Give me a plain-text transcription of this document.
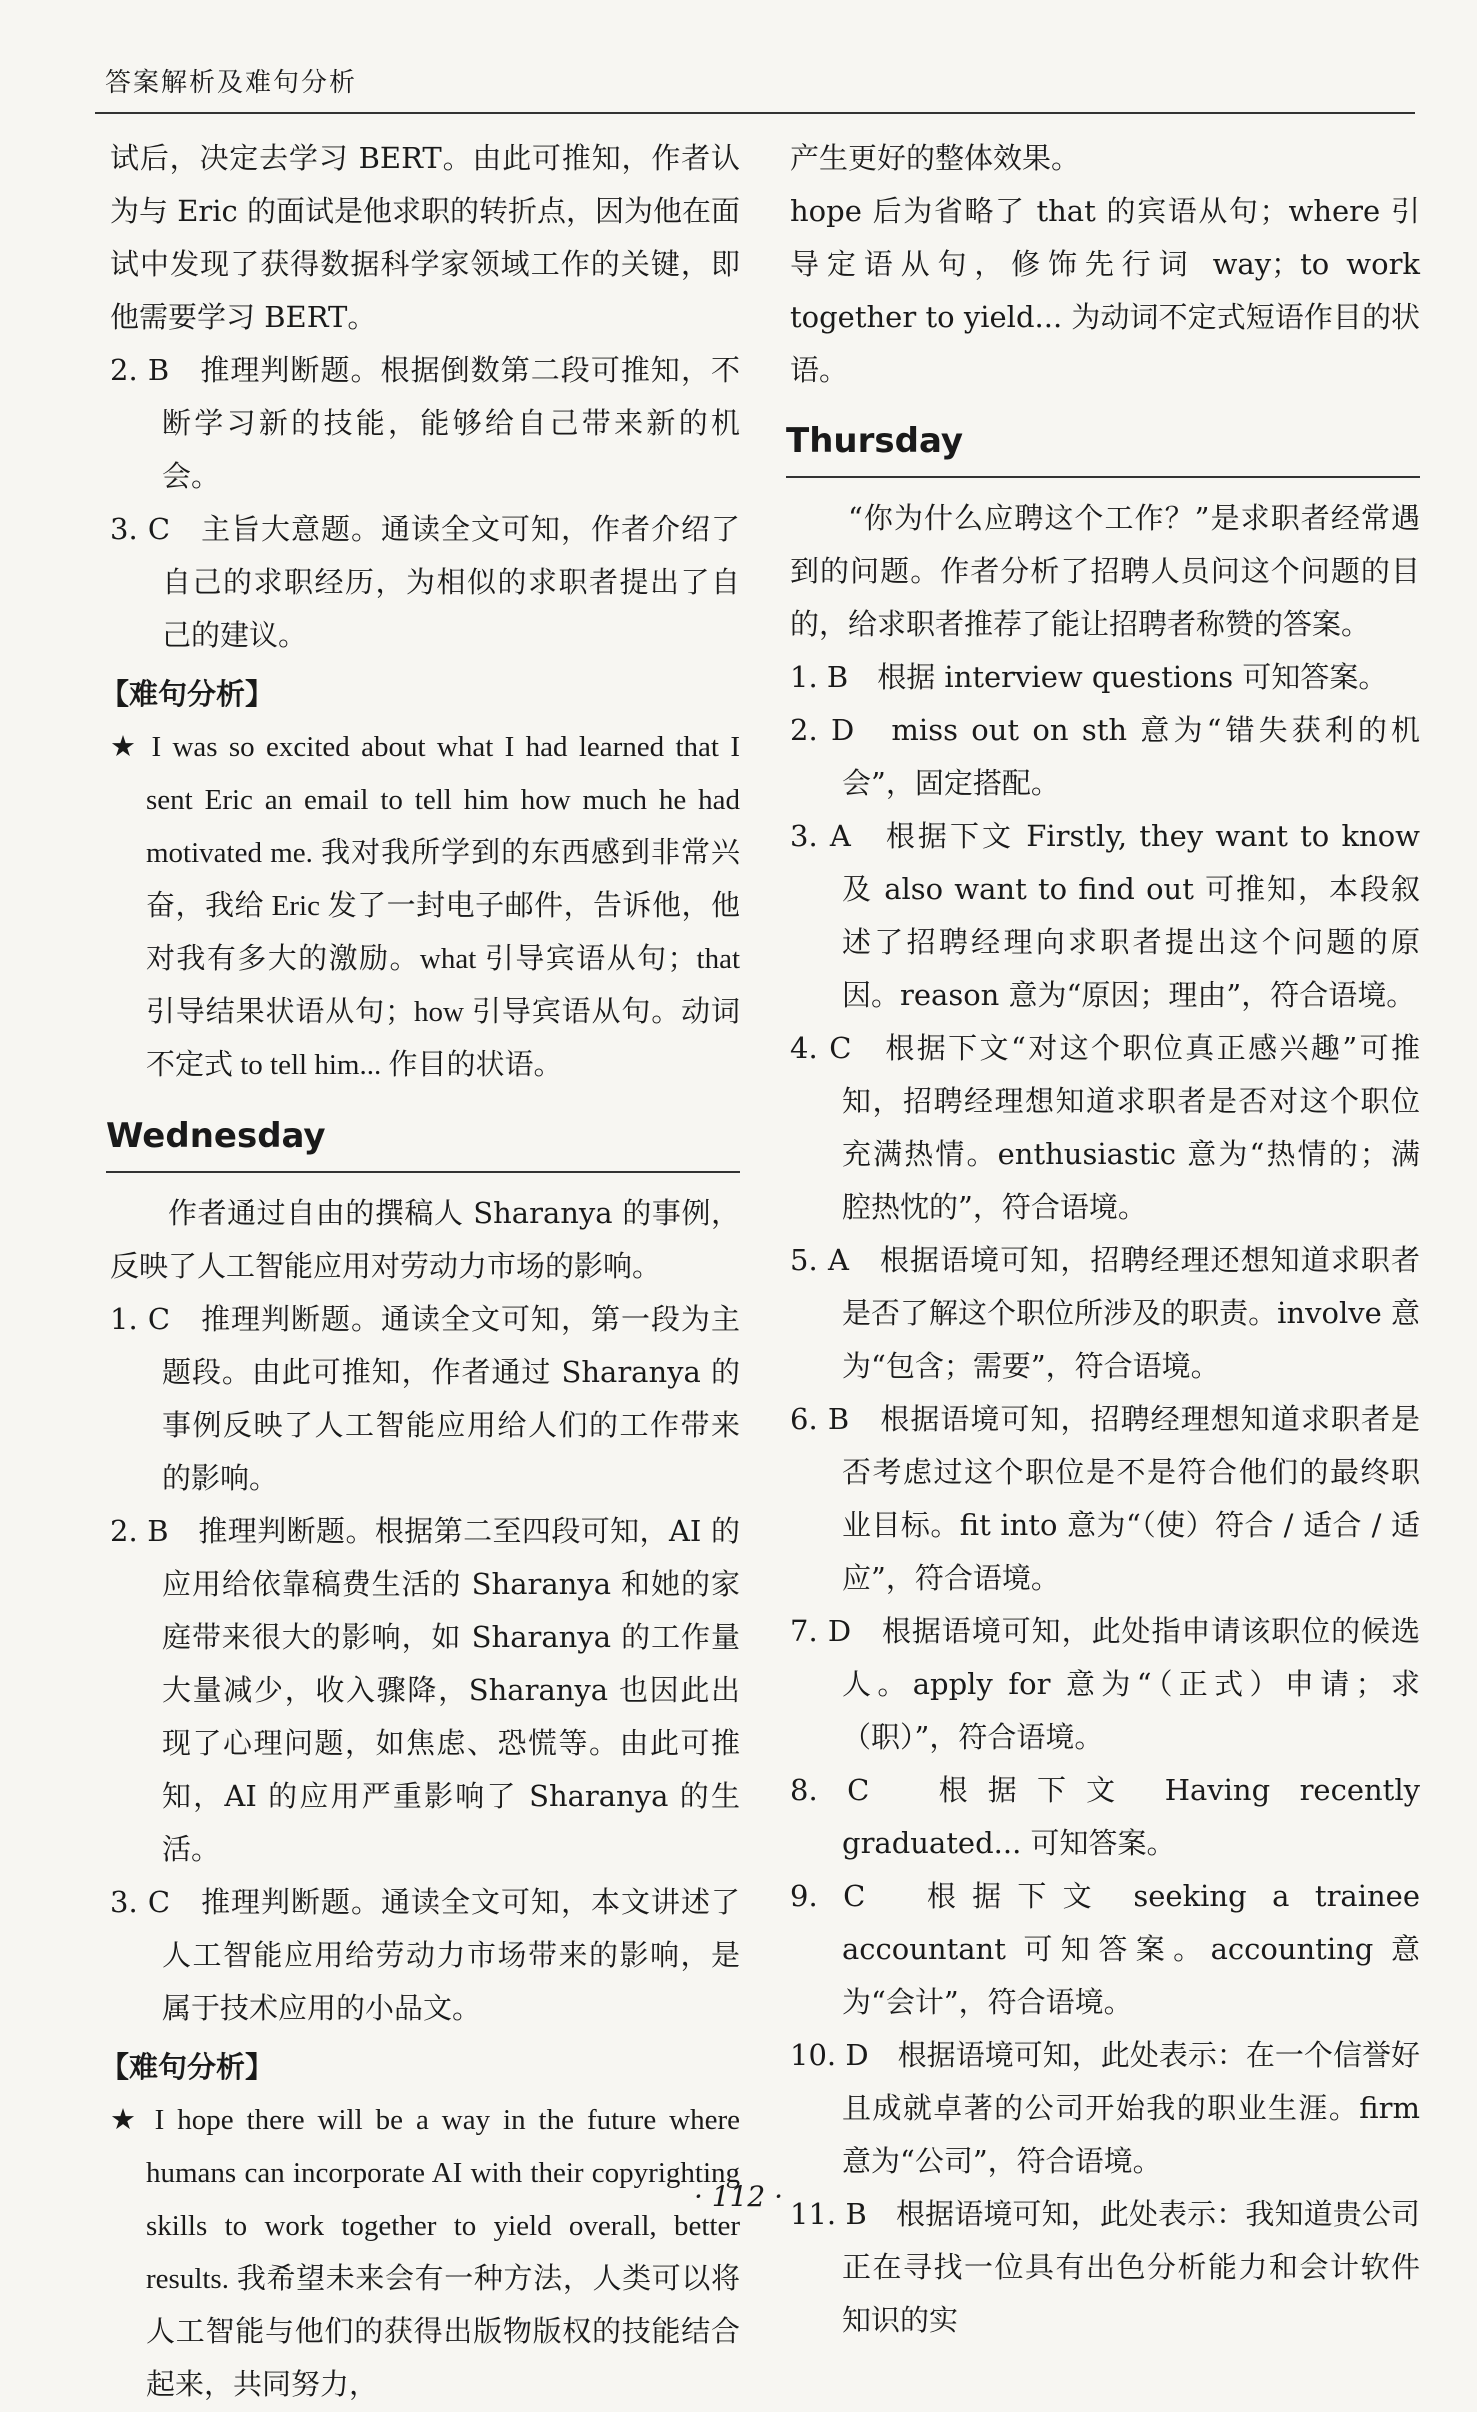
答案解析及难句分析

试后，决定去学习 BERT。由此可推知，作者认为与 Eric 的面试是他求职的转折点，因为他在面试中发现了获得数据科学家领域工作的关键，即他需要学习 BERT。

2. B　推理判断题。根据倒数第二段可推知，不断学习新的技能，能够给自己带来新的机会。

3. C　主旨大意题。通读全文可知，作者介绍了自己的求职经历，为相似的求职者提出了自己的建议。

【难句分析】

★ I was so excited about what I had learned that I sent Eric an email to tell him how much he had motivated me. 我对我所学到的东西感到非常兴奋，我给 Eric 发了一封电子邮件，告诉他，他对我有多大的激励。what 引导宾语从句；that 引导结果状语从句；how 引导宾语从句。动词不定式 to tell him... 作目的状语。

Wednesday

作者通过自由的撰稿人 Sharanya 的事例，反映了人工智能应用对劳动力市场的影响。

1. C　推理判断题。通读全文可知，第一段为主题段。由此可推知，作者通过 Sharanya 的事例反映了人工智能应用给人们的工作带来的影响。

2. B　推理判断题。根据第二至四段可知，AI 的应用给依靠稿费生活的 Sharanya 和她的家庭带来很大的影响，如 Sharanya 的工作量大量减少，收入骤降，Sharanya 也因此出现了心理问题，如焦虑、恐慌等。由此可推知，AI 的应用严重影响了 Sharanya 的生活。

3. C　推理判断题。通读全文可知，本文讲述了人工智能应用给劳动力市场带来的影响，是属于技术应用的小品文。

【难句分析】

★ I hope there will be a way in the future where humans can incorporate AI with their copyrighting skills to work together to yield overall, better results. 我希望未来会有一种方法，人类可以将人工智能与他们的获得出版物版权的技能结合起来，共同努力，

产生更好的整体效果。

hope 后为省略了 that 的宾语从句；where 引导定语从句，修饰先行词 way；to work together to yield... 为动词不定式短语作目的状语。

Thursday

“你为什么应聘这个工作？”是求职者经常遇到的问题。作者分析了招聘人员问这个问题的目的，给求职者推荐了能让招聘者称赞的答案。

1. B　根据 interview questions 可知答案。

2. D　miss out on sth 意为“错失获利的机会”，固定搭配。

3. A　根据下文 Firstly, they want to know 及 also want to find out 可推知，本段叙述了招聘经理向求职者提出这个问题的原因。reason 意为“原因；理由”，符合语境。

4. C　根据下文“对这个职位真正感兴趣”可推知，招聘经理想知道求职者是否对这个职位充满热情。enthusiastic 意为“热情的；满腔热忱的”，符合语境。

5. A　根据语境可知，招聘经理还想知道求职者是否了解这个职位所涉及的职责。involve 意为“包含；需要”，符合语境。

6. B　根据语境可知，招聘经理想知道求职者是否考虑过这个职位是不是符合他们的最终职业目标。fit into 意为“（使）符合 / 适合 / 适应”，符合语境。

7. D　根据语境可知，此处指申请该职位的候选人。apply for 意为“（正式）申请；求（职）”，符合语境。

8. C　根据下文 Having recently graduated... 可知答案。

9. C　根据下文 seeking a trainee accountant 可知答案。accounting 意为“会计”，符合语境。

10. D　根据语境可知，此处表示：在一个信誉好且成就卓著的公司开始我的职业生涯。firm 意为“公司”，符合语境。

11. B　根据语境可知，此处表示：我知道贵公司正在寻找一位具有出色分析能力和会计软件知识的实

· 112 ·
